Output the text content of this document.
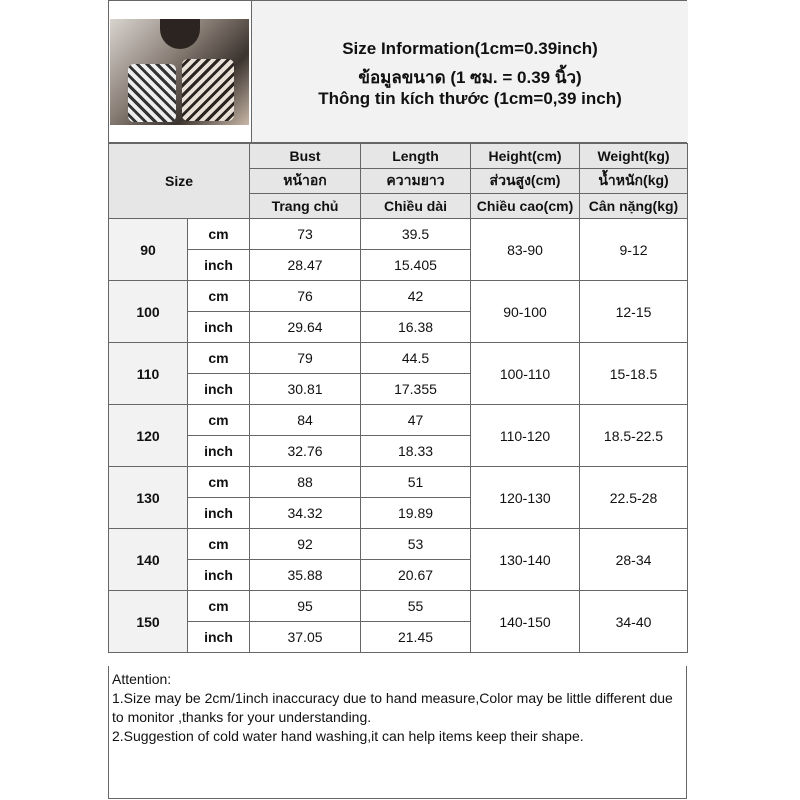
Size Information(1cm=0.39inch)
ข้อมูลขนาด (1 ซม. = 0.39 นิ้ว)
Thông tin kích thước (1cm=0,39 inch)
Size		Bust	Length	Height(cm)	Weight(kg)
		หน้าอก	ความยาว	ส่วนสูง(cm)	น้ำหนัก(kg)
		Trang chủ	Chiều dài	Chiều cao(cm)	Cân nặng(kg)
90	cm	73	39.5	83-90	9-12
	inch	28.47	15.405		
100	cm	76	42	90-100	12-15
	inch	29.64	16.38		
110	cm	79	44.5	100-110	15-18.5
	inch	30.81	17.355		
120	cm	84	47	110-120	18.5-22.5
	inch	32.76	18.33		
130	cm	88	51	120-130	22.5-28
	inch	34.32	19.89		
140	cm	92	53	130-140	28-34
	inch	35.88	20.67		
150	cm	95	55	140-150	34-40
	inch	37.05	21.45		
Attention:
1.Size may be 2cm/1inch inaccuracy due to hand measure,Color may be little different due to monitor ,thanks for your understanding.
2.Suggestion of cold water hand washing,it can help items keep their shape.
